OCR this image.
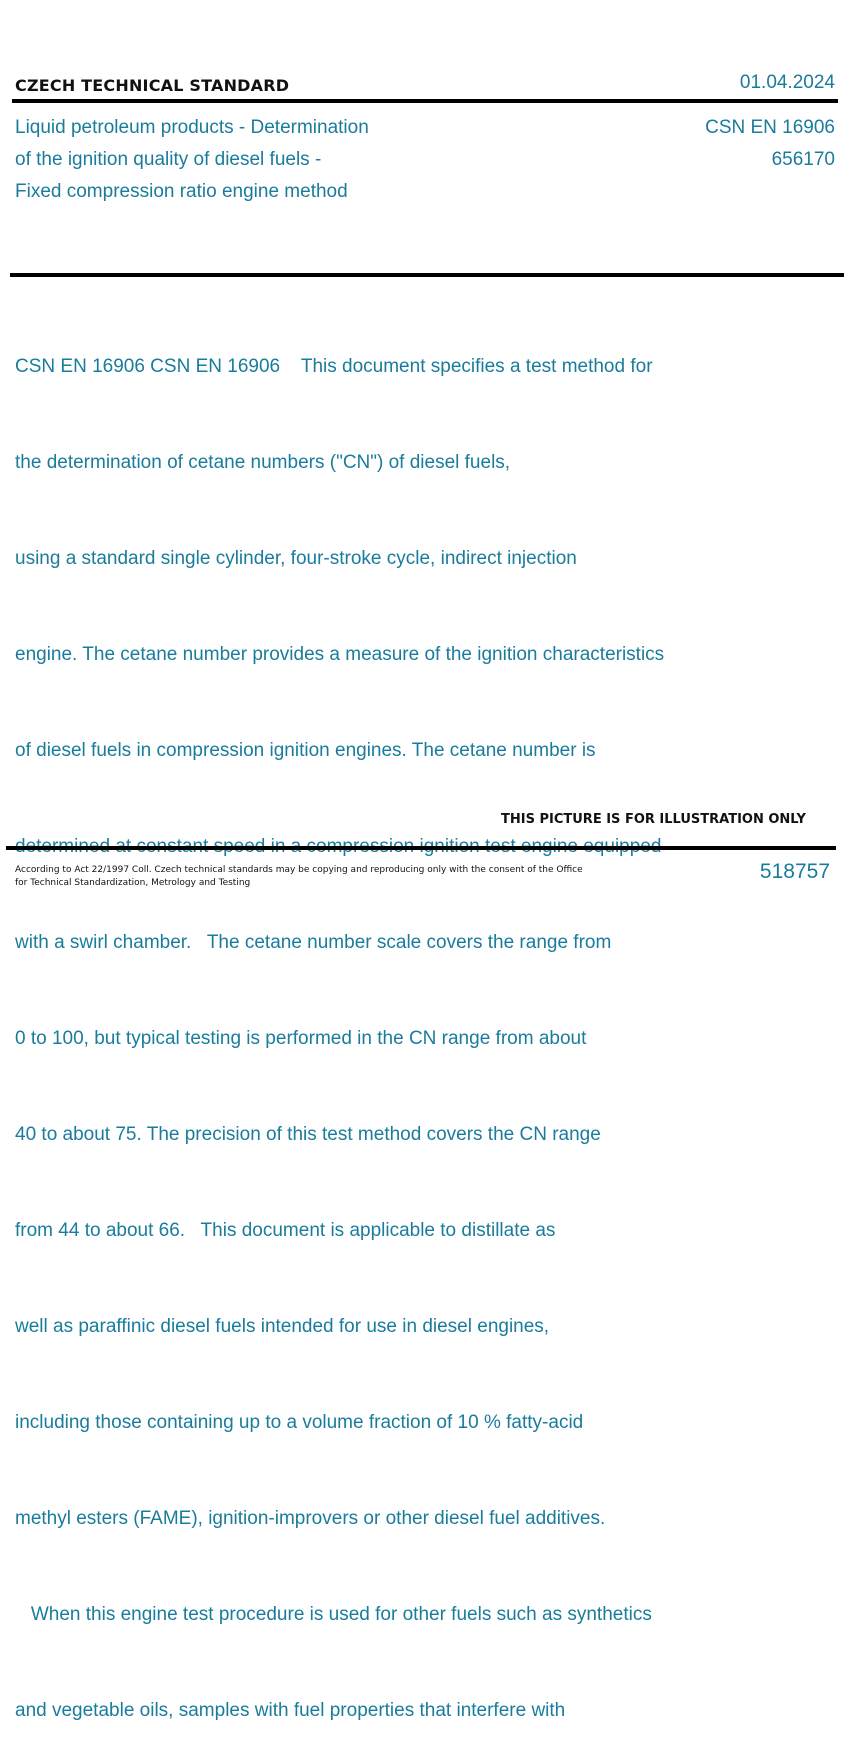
CZECH TECHNICAL STANDARD	01.04.2024
Liquid petroleum products - Determination
of the ignition quality of diesel fuels -
Fixed compression ratio engine method
CSN EN 16906
656170

CSN EN 16906 CSN EN 16906    This document specifies a test method for

the determination of cetane numbers ("CN") of diesel fuels,

using a standard single cylinder, four-stroke cycle, indirect injection

engine. The cetane number provides a measure of the ignition characteristics

of diesel fuels in compression ignition engines. The cetane number is

with a swirl chamber.   The cetane number scale covers the range from

0 to 100, but typical testing is performed in the CN range from about

40 to about 75. The precision of this test method covers the CN range

from 44 to about 66.   This document is applicable to distillate as

well as paraffinic diesel fuels intended for use in diesel engines,

including those containing up to a volume fraction of 10 % fatty-acid

methyl esters (FAME), ignition-improvers or other diesel fuel additives.

When this engine test procedure is used for other fuels such as synthetics

and vegetable oils, samples with fuel properties that interfere with

THIS PICTURE IS FOR ILLUSTRATION ONLY
According to Act 22/1997 Coll. Czech technical standards may be copying and reproducing only with the consent of the Office
for Technical Standardization, Metrology and Testing	518757
